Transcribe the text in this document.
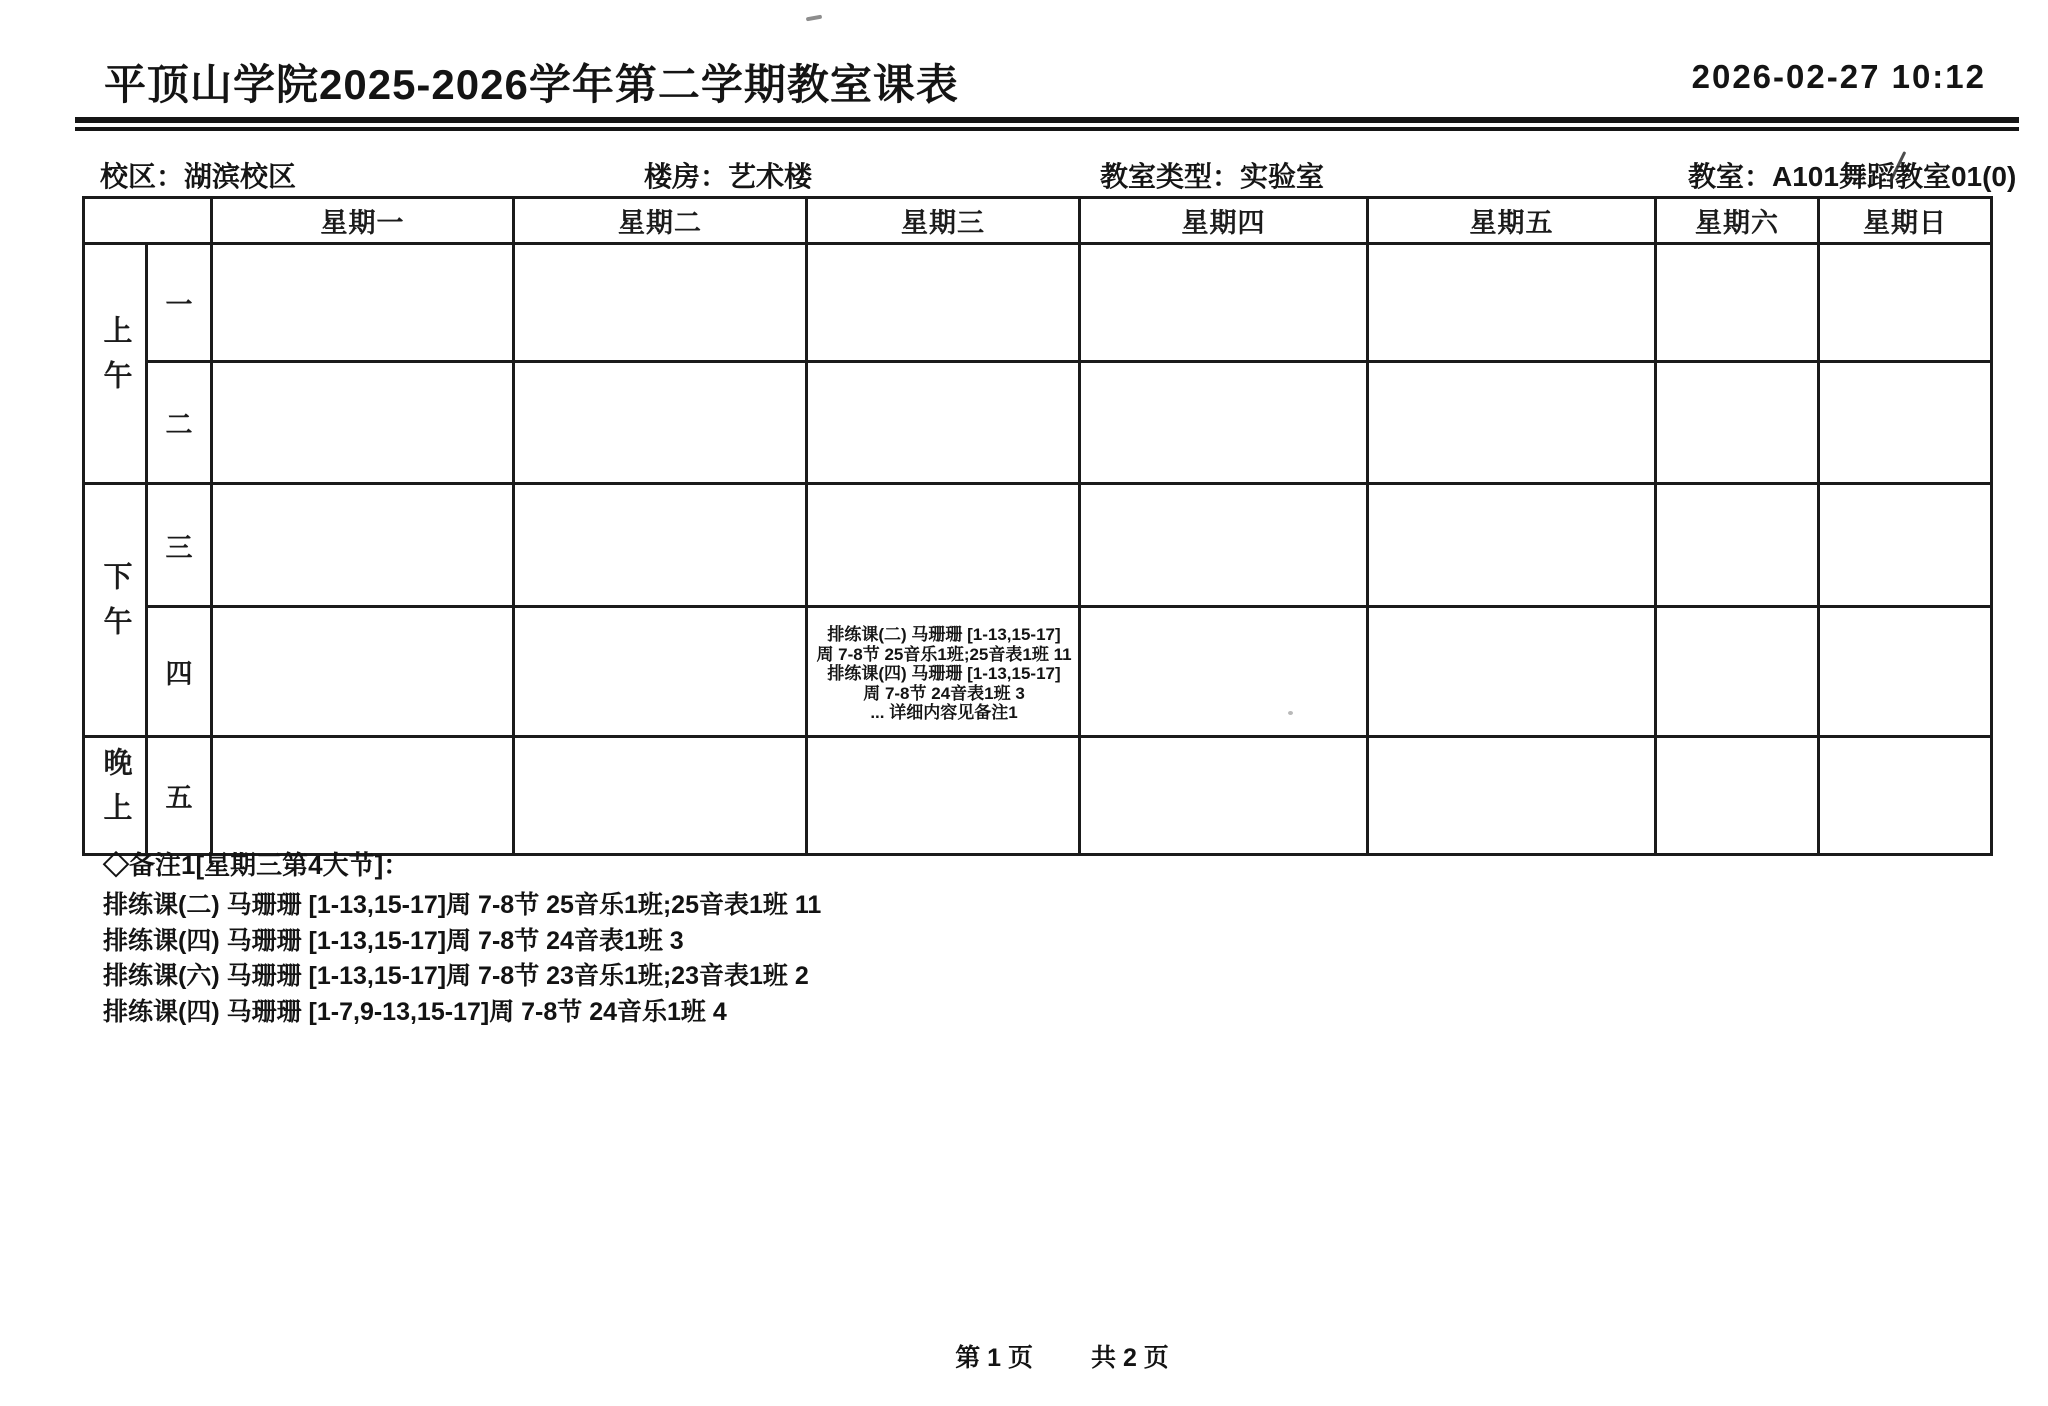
平顶山学院2025-2026学年第二学期教室课表	2026-02-27 10:12
校区：湖滨校区	楼房：艺术楼	教室类型：实验室	教室：A101舞蹈教室01(0)
		星期一	星期二	星期三	星期四	星期五	星期六	星期日
上午	一							
	二							
下午	三							
	四			排练课(二) 马珊珊 [1-13,15-17]
周 7-8节 25音乐1班;25音表1班 11
排练课(四) 马珊珊 [1-13,15-17]
周 7-8节 24音表1班 3
... 详细内容见备注1				

晚上	五							
◇备注1[星期三第4大节]：
排练课(二) 马珊珊 [1-13,15-17]周 7-8节 25音乐1班;25音表1班 11
排练课(四) 马珊珊 [1-13,15-17]周 7-8节 24音表1班 3
排练课(六) 马珊珊 [1-13,15-17]周 7-8节 23音乐1班;23音表1班 2
排练课(四) 马珊珊 [1-7,9-13,15-17]周 7-8节 24音乐1班 4
第 1 页 共 2 页
